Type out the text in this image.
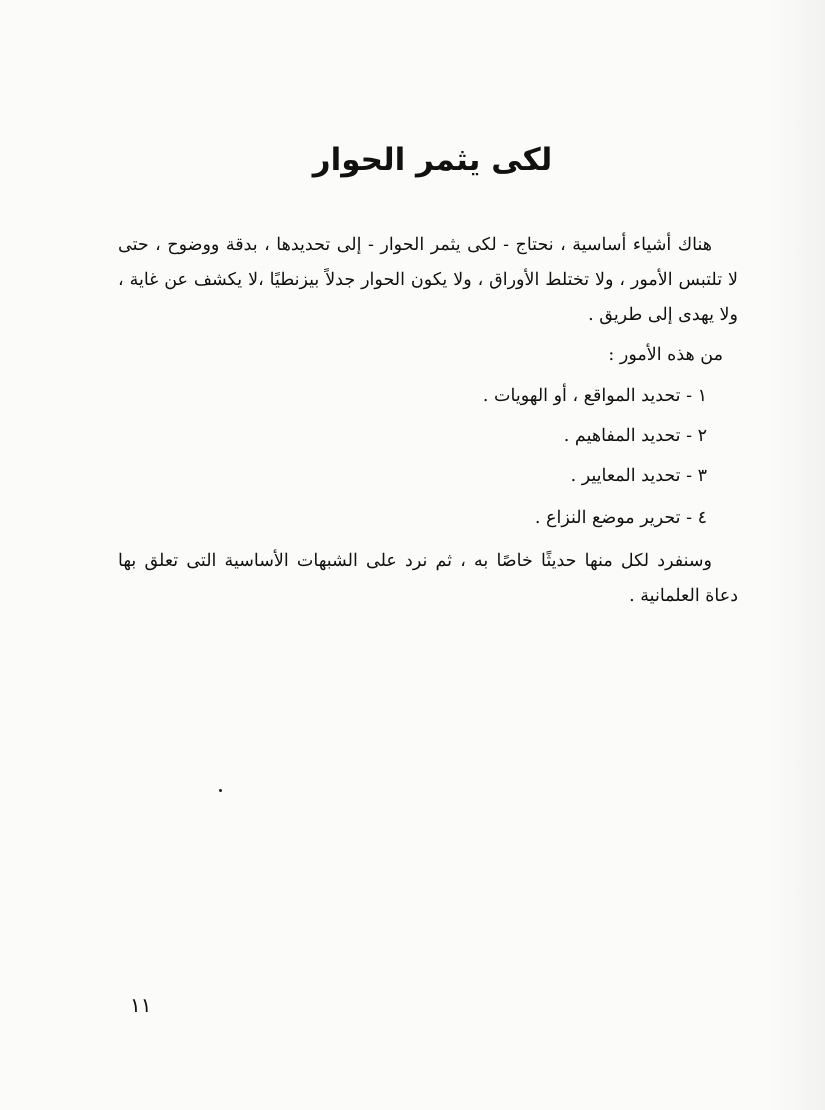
لكى يثمر الحوار
هناك أشياء أساسية ، نحتاج - لكى يثمر الحوار - إلى تحديدها ، بدقة ووضوح ، حتى لا تلتبس الأمور ، ولا تختلط الأوراق ، ولا يكون الحوار جدلاً بيزنطيًا ،لا يكشف عن غاية ، ولا يهدى إلى طريق .
من هذه الأمور :
١ - تحديد المواقع ، أو الهويات .
٢ - تحديد المفاهيم .
٣ - تحديد المعايير .
٤ - تحرير موضع النزاع .
وسنفرد لكل منها حديثًا خاصًا به ، ثم نرد على الشبهات الأساسية التى تعلق بها دعاة العلمانية .
١١
